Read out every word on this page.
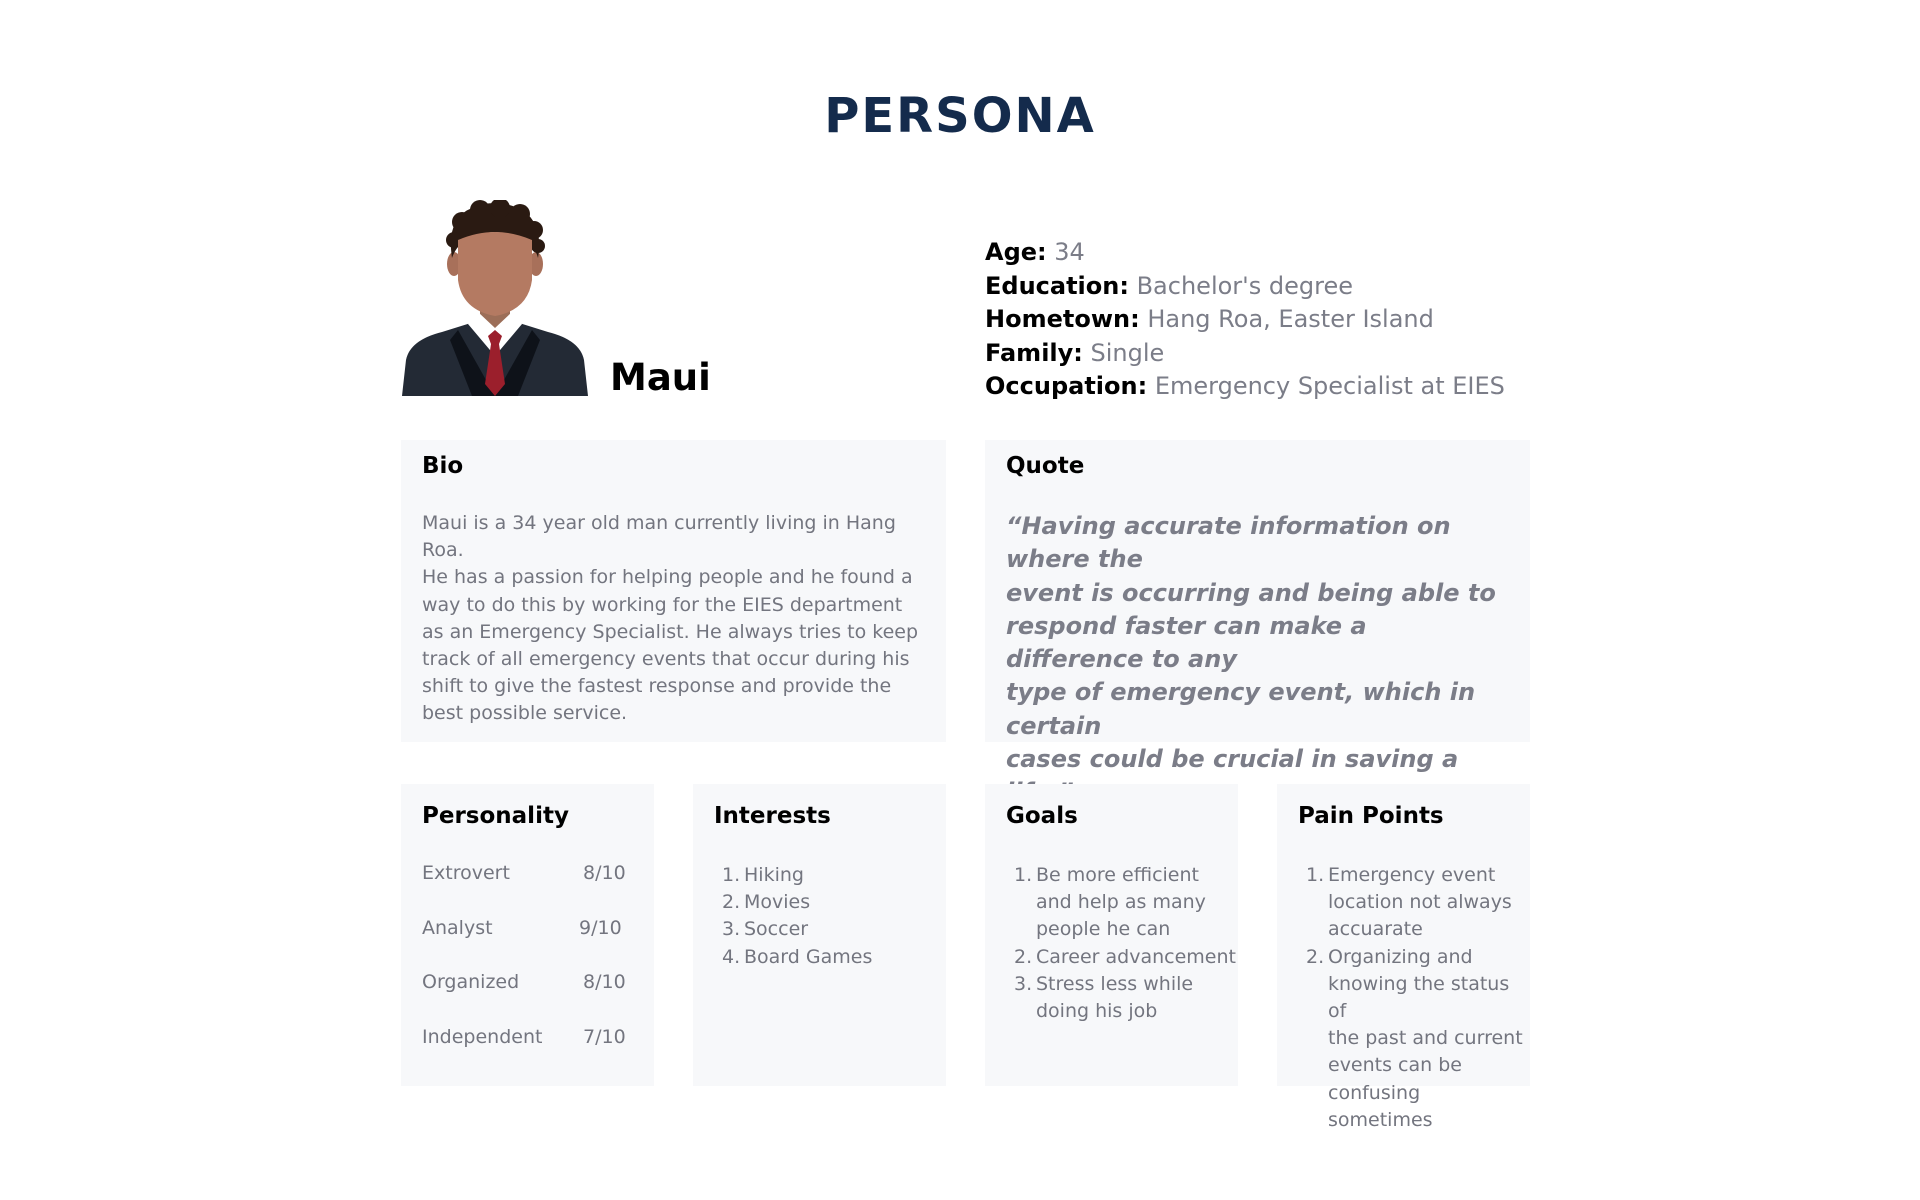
PERSONA
Maui
Age: 34
Education: Bachelor's degree
Hometown: Hang Roa, Easter Island
Family: Single
Occupation: Emergency Specialist at EIES
Bio
Maui is a 34 year old man currently living in Hang Roa.
He has a passion for helping people and he found a
way to do this by working for the EIES department
as an Emergency Specialist. He always tries to keep
track of all emergency events that occur during his
shift to give the fastest response and provide the
best possible service.
Quote
“Having accurate information on where the
event is occurring and being able to
respond faster can make a difference to any
type of emergency event, which in certain
cases could be crucial in saving a
Personality
Extrovert	8/10
Analyst	9/10
Organized	8/10
Independent 7/10
Interests
1. Hiking
2. Movies
3. Soccer
4. Board Games
Goals
1. Be more efficient
and help as many
people he can
2. Career advancement
3. Stress less while
doing his job
Pain Points
1. Emergency event
location not always
accuarate
2. Organizing and
knowing the status of
the past and current
events can be
confusing sometimes
